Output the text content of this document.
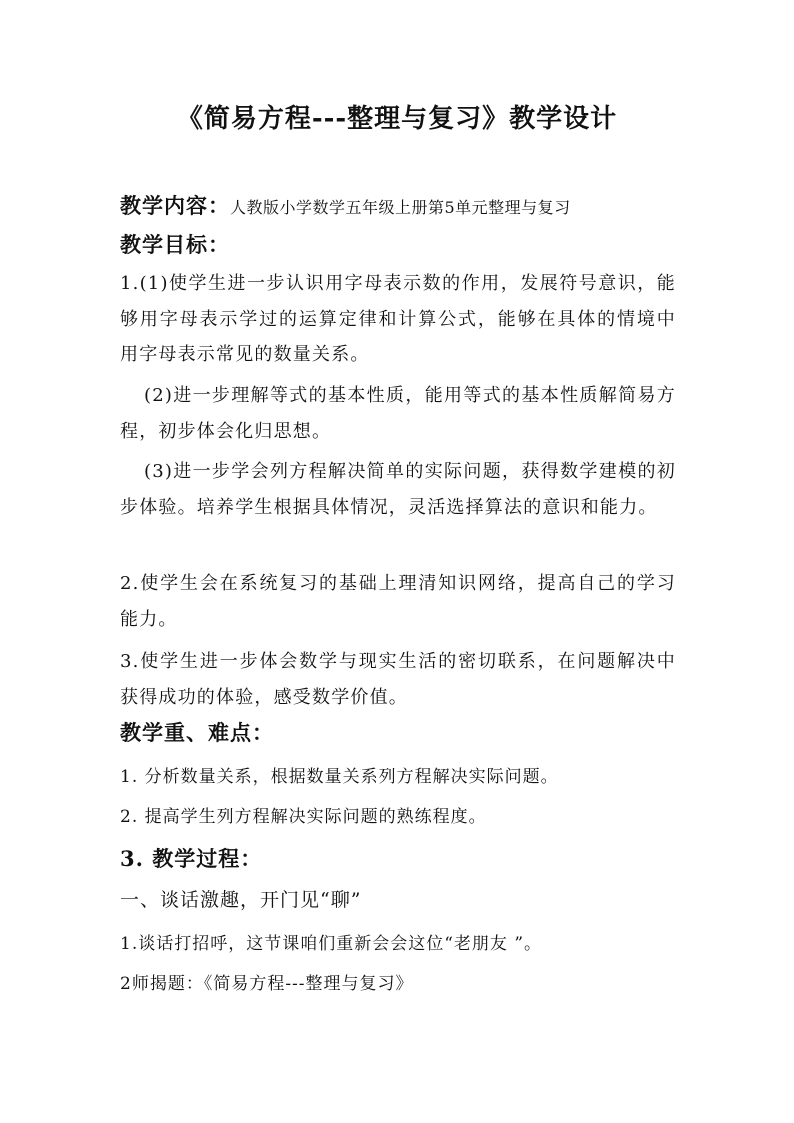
《简易方程---整理与复习》教学设计
教学内容：人教版小学数学五年级上册第5单元整理与复习
教学目标：
1.(1)使学生进一步认识用字母表示数的作用，发展符号意识，能够用字母表示学过的运算定律和计算公式，能够在具体的情境中用字母表示常见的数量关系。
(2)进一步理解等式的基本性质，能用等式的基本性质解简易方程，初步体会化归思想。
(3)进一步学会列方程解决简单的实际问题，获得数学建模的初步体验。培养学生根据具体情况，灵活选择算法的意识和能力。
2.使学生会在系统复习的基础上理清知识网络，提高自己的学习能力。
3.使学生进一步体会数学与现实生活的密切联系，在问题解决中获得成功的体验，感受数学价值。
教学重、难点：
1. 分析数量关系，根据数量关系列方程解决实际问题。
2. 提高学生列方程解决实际问题的熟练程度。
3. 教学过程：
一、谈话激趣，开门见“聊”
1.谈话打招呼，这节课咱们重新会会这位“老朋友 ”。
2师揭题：《简易方程---整理与复习》
